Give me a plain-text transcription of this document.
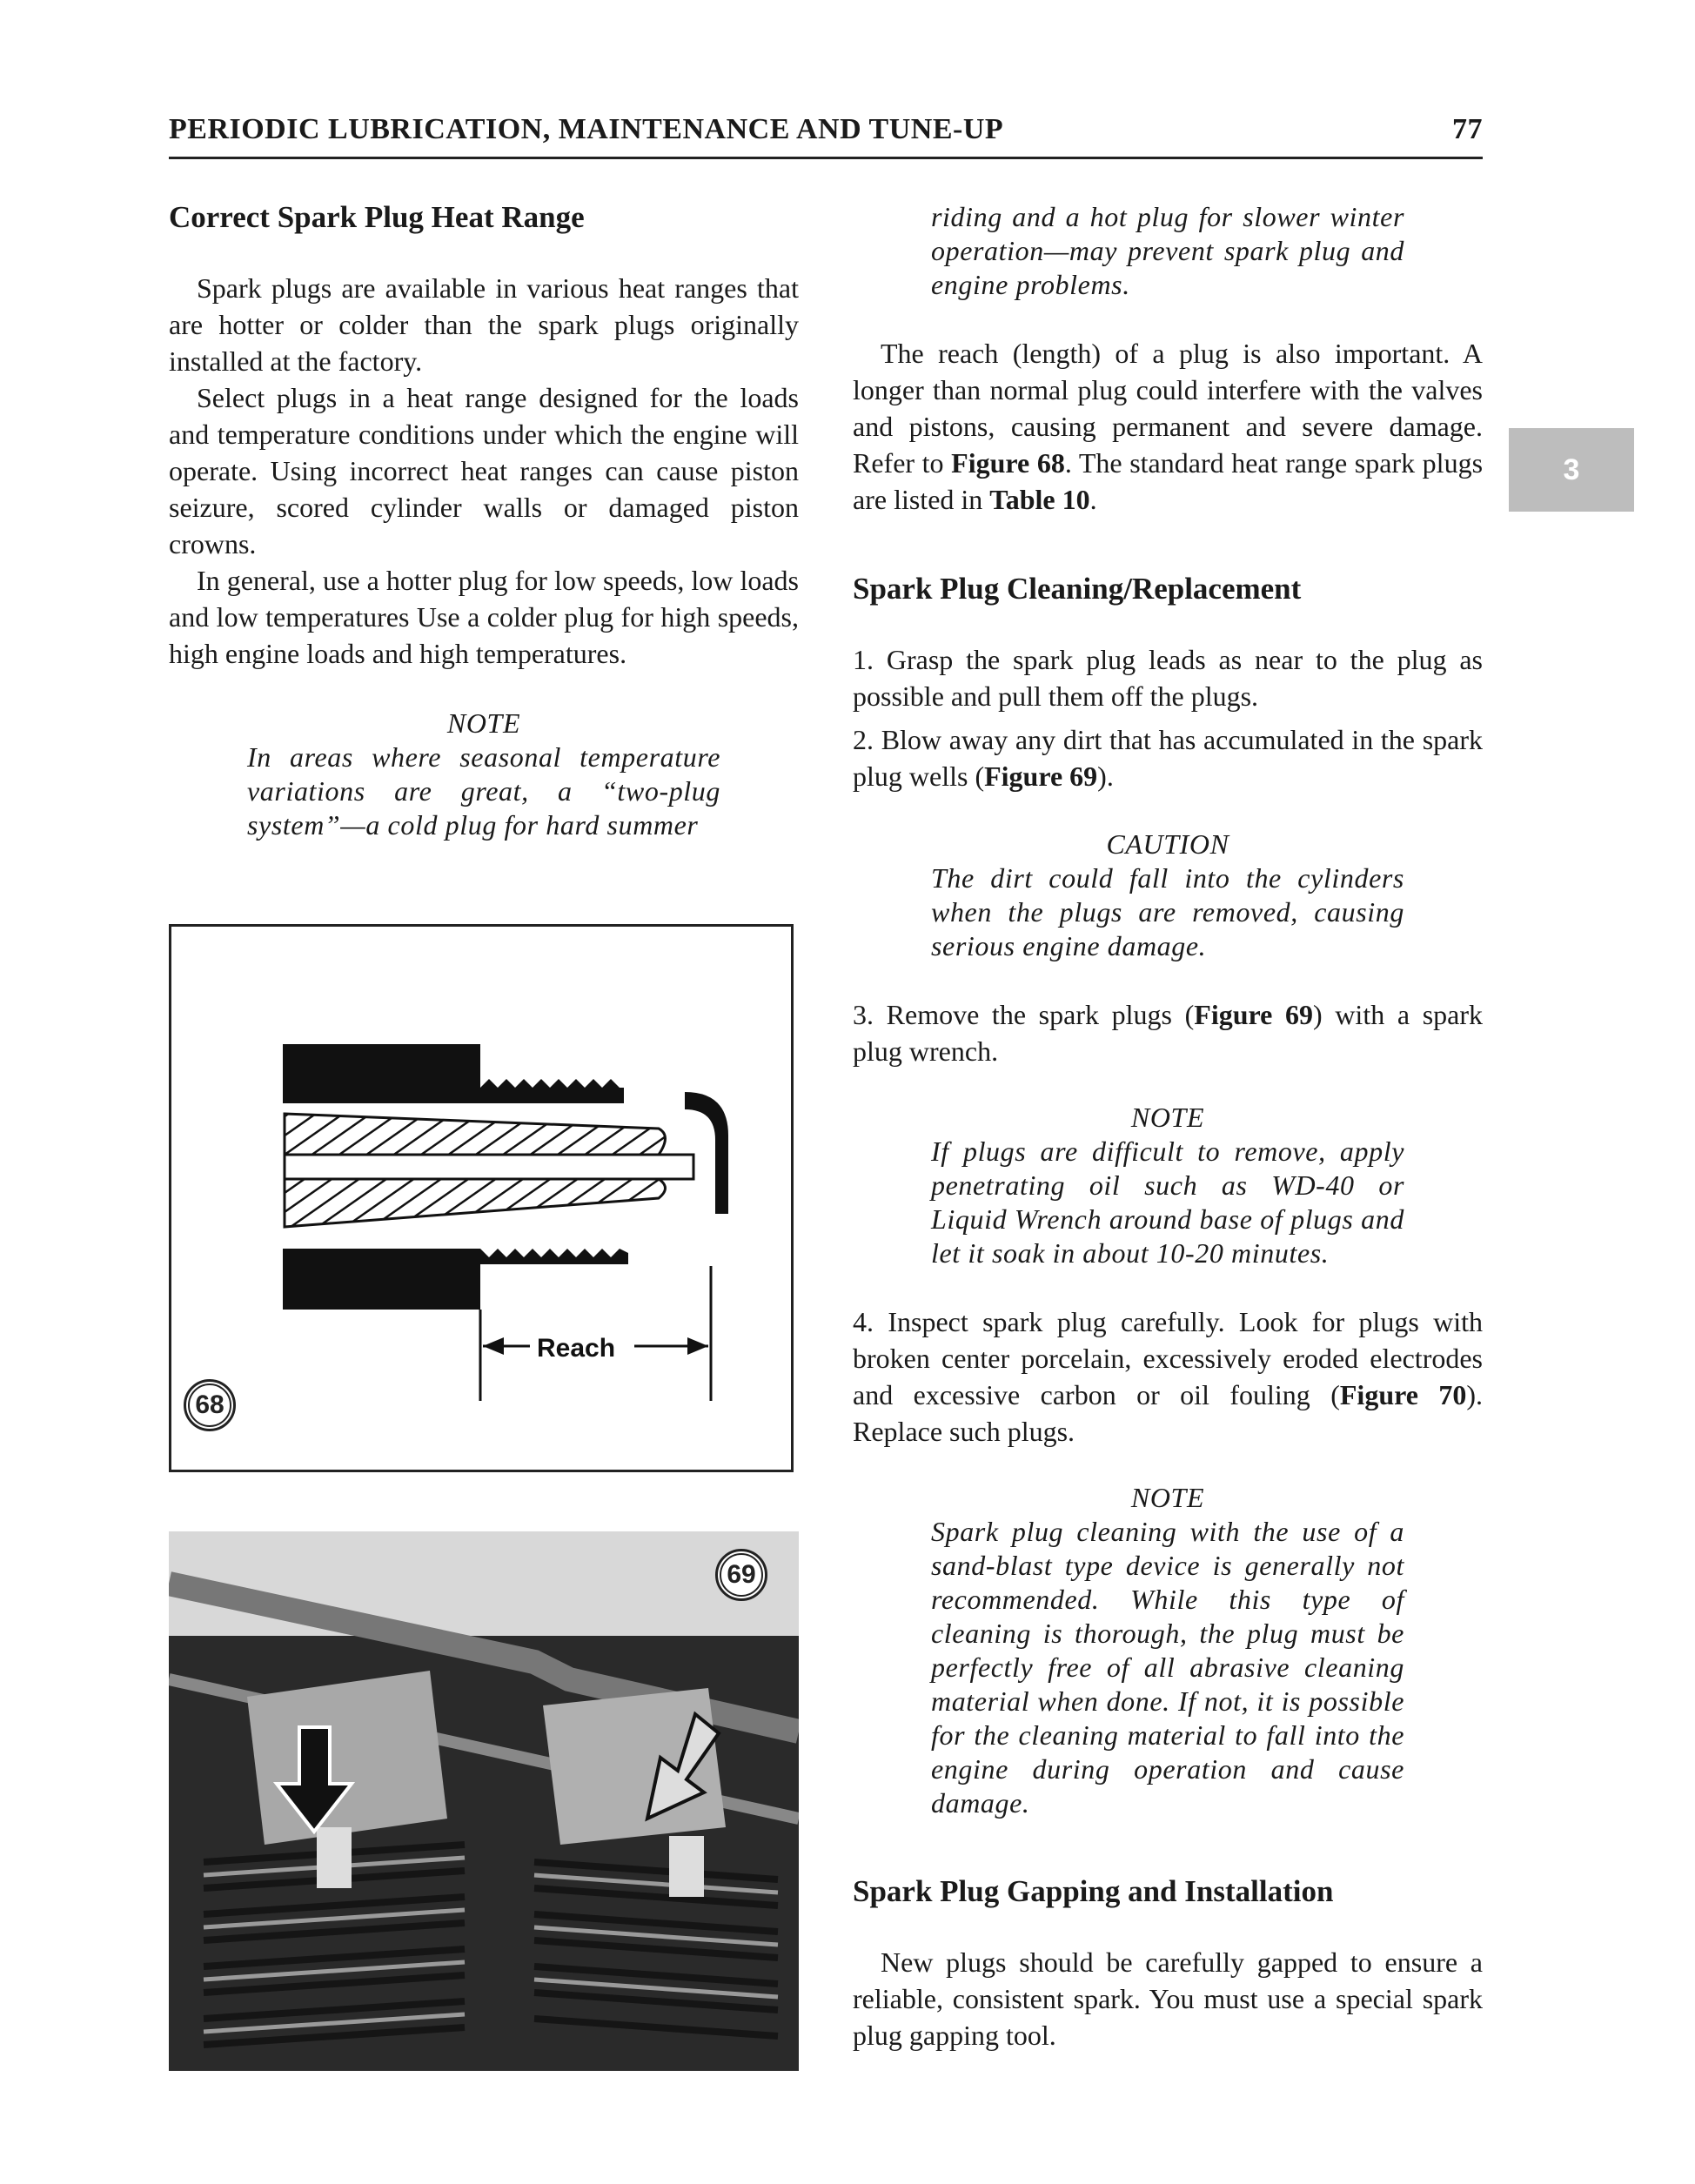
PERIODIC LUBRICATION, MAINTENANCE AND TUNE-UP	77
3
Correct Spark Plug Heat Range

Spark plugs are available in various heat ranges that are hotter or colder than the spark plugs originally installed at the factory.

Select plugs in a heat range designed for the loads and temperature conditions under which the engine will operate. Using incorrect heat ranges can cause piston seizure, scored cylinder walls or damaged piston crowns.

In general, use a hotter plug for low speeds, low loads and low temperatures Use a colder plug for high speeds, high engine loads and high temperatures.

NOTE
In areas where seasonal temperature variations are great, a “two-plug system”—a cold plug for hard summer
Reach
68
69
riding and a hot plug for slower winter operation—may prevent spark plug and engine problems.

The reach (length) of a plug is also important. A longer than normal plug could interfere with the valves and pistons, causing permanent and severe damage. Refer to Figure 68. The standard heat range spark plugs are listed in Table 10.

Spark Plug Cleaning/Replacement

1. Grasp the spark plug leads as near to the plug as possible and pull them off the plugs.

2. Blow away any dirt that has accumulated in the spark plug wells (Figure 69).

CAUTION
The dirt could fall into the cylinders when the plugs are removed, causing serious engine damage.

3. Remove the spark plugs (Figure 69) with a spark plug wrench.

NOTE
If plugs are difficult to remove, apply penetrating oil such as WD-40 or Liquid Wrench around base of plugs and let it soak in about 10-20 minutes.

4. Inspect spark plug carefully. Look for plugs with broken center porcelain, excessively eroded electrodes and excessive carbon or oil fouling (Figure 70). Replace such plugs.

NOTE
Spark plug cleaning with the use of a sand-blast type device is generally not recommended. While this type of cleaning is thorough, the plug must be perfectly free of all abrasive cleaning material when done. If not, it is possible for the cleaning material to fall into the engine during operation and cause damage.
Spark Plug Gapping and Installation

New plugs should be carefully gapped to ensure a reliable, consistent spark. You must use a special spark plug gapping tool.
